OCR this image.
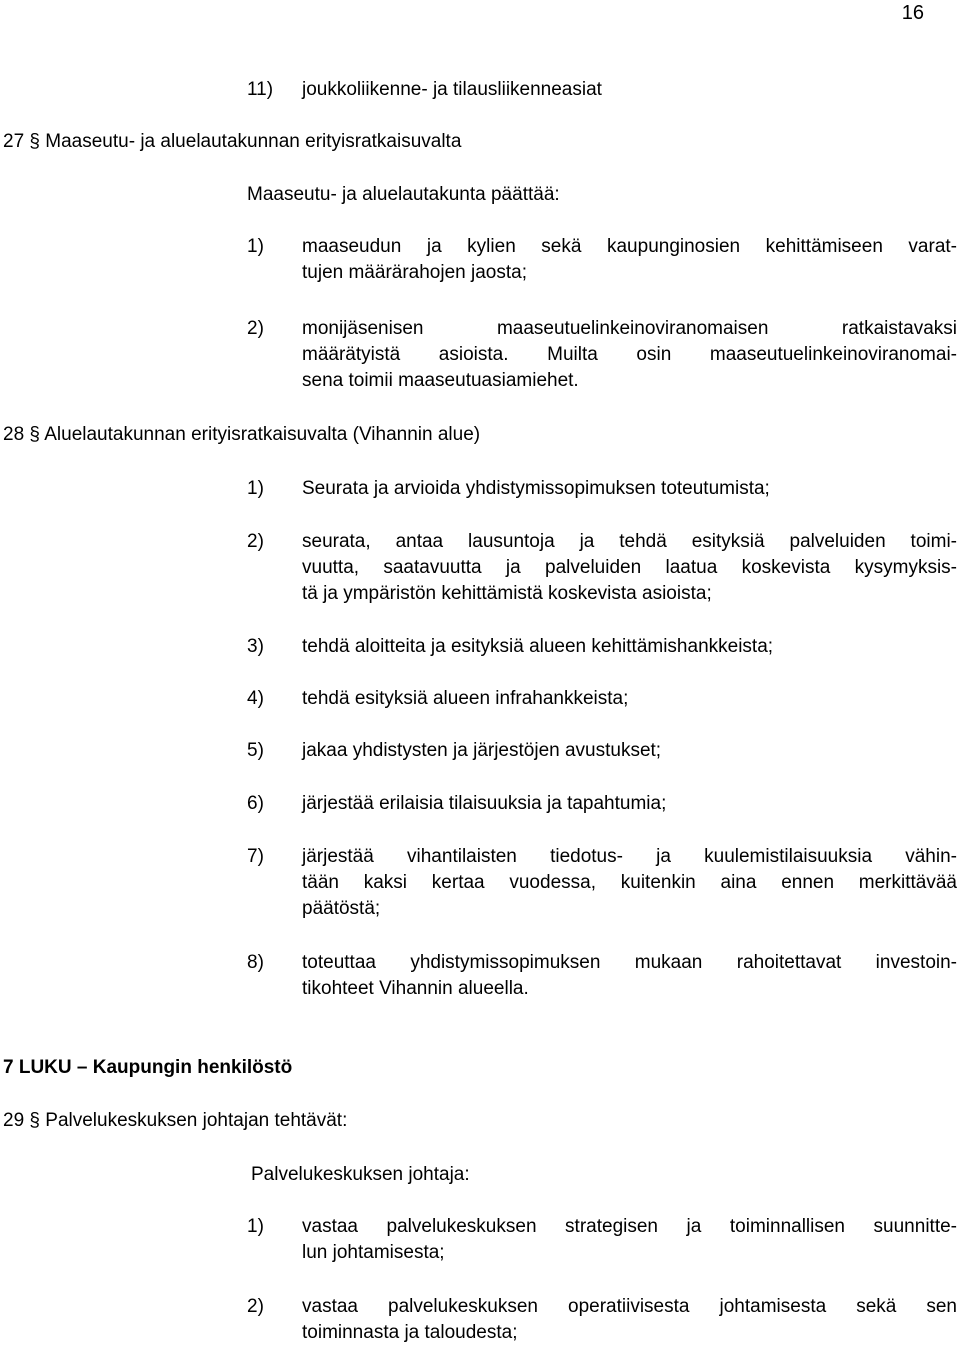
16
11) joukkoliikenne- ja tilausliikenneasiat
27 § Maaseutu- ja aluelautakunnan erityisratkaisuvalta
Maaseutu- ja aluelautakunta päättää:
1) maaseudun ja kylien sekä kaupunginosien kehittämiseen varat-
tujen määrärahojen jaosta;
2) monijäsenisen maaseutuelinkeinoviranomaisen ratkaistavaksi
määrätyistä asioista. Muilta osin maaseutuelinkeinoviranomai-
sena toimii maaseutuasiamiehet.
28 § Aluelautakunnan erityisratkaisuvalta (Vihannin alue)
1) Seurata ja arvioida yhdistymissopimuksen toteutumista;
2) seurata, antaa lausuntoja ja tehdä esityksiä palveluiden toimi-
vuutta, saatavuutta ja palveluiden laatua koskevista kysymyksis-
tä ja ympäristön kehittämistä koskevista asioista;
3) tehdä aloitteita ja esityksiä alueen kehittämishankkeista;
4) tehdä esityksiä alueen infrahankkeista;
5) jakaa yhdistysten ja järjestöjen avustukset;
6) järjestää erilaisia tilaisuuksia ja tapahtumia;
7) järjestää vihantilaisten tiedotus- ja kuulemistilaisuuksia vähin-
tään kaksi kertaa vuodessa, kuitenkin aina ennen merkittävää
päätöstä;
8) toteuttaa yhdistymissopimuksen mukaan rahoitettavat investoin-
tikohteet Vihannin alueella.
7 LUKU – Kaupungin henkilöstö
29 § Palvelukeskuksen johtajan tehtävät:
Palvelukeskuksen johtaja:
1) vastaa palvelukeskuksen strategisen ja toiminnallisen suunnitte-
lun johtamisesta;
2) vastaa palvelukeskuksen operatiivisesta johtamisesta sekä sen
toiminnasta ja taloudesta;
